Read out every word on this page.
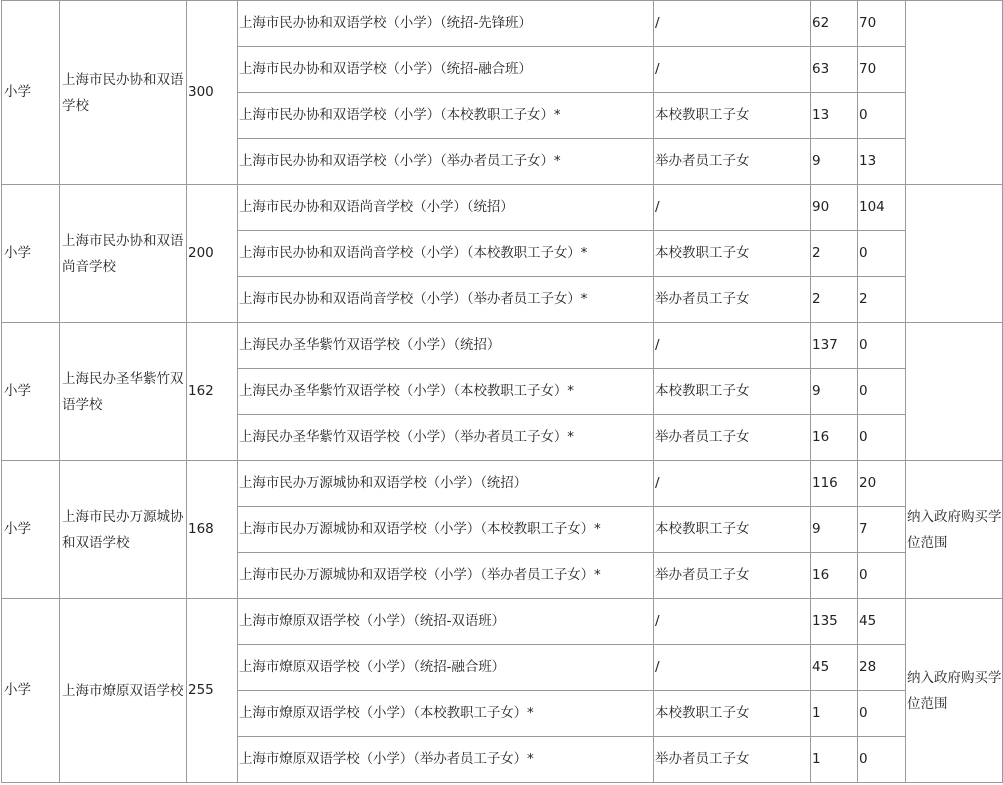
小学	上海市民办协和双语学校	300	上海市民办协和双语学校（小学）（统招-先锋班）	/	62	70	
			上海市民办协和双语学校（小学）（统招-融合班）	/	63	70	
			上海市民办协和双语学校（小学）（本校教职工子女）*	本校教职工子女	13	0	
			上海市民办协和双语学校（小学）（举办者员工子女）*	举办者员工子女	9	13	
小学	上海市民办协和双语尚音学校	200	上海市民办协和双语尚音学校（小学）（统招）	/	90	104	
			上海市民办协和双语尚音学校（小学）（本校教职工子女）*	本校教职工子女	2	0	
			上海市民办协和双语尚音学校（小学）（举办者员工子女）*	举办者员工子女	2	2	
小学	上海民办圣华紫竹双语学校	162	上海民办圣华紫竹双语学校（小学）（统招）	/	137	0	
			上海民办圣华紫竹双语学校（小学）（本校教职工子女）*	本校教职工子女	9	0	
			上海民办圣华紫竹双语学校（小学）（举办者员工子女）*	举办者员工子女	16	0	
小学	上海市民办万源城协和双语学校	168	上海市民办万源城协和双语学校（小学）（统招）	/	116	20	纳入政府购买学位范围
			上海市民办万源城协和双语学校（小学）（本校教职工子女）*	本校教职工子女	9	7	
			上海市民办万源城协和双语学校（小学）（举办者员工子女）*	举办者员工子女	16	0	
小学	上海市燎原双语学校	255	上海市燎原双语学校（小学）（统招-双语班）	/	135	45	纳入政府购买学位范围
			上海市燎原双语学校（小学）（统招-融合班）	/	45	28	
			上海市燎原双语学校（小学）（本校教职工子女）*	本校教职工子女	1	0	
			上海市燎原双语学校（小学）（举办者员工子女）*	举办者员工子女	1	0	
